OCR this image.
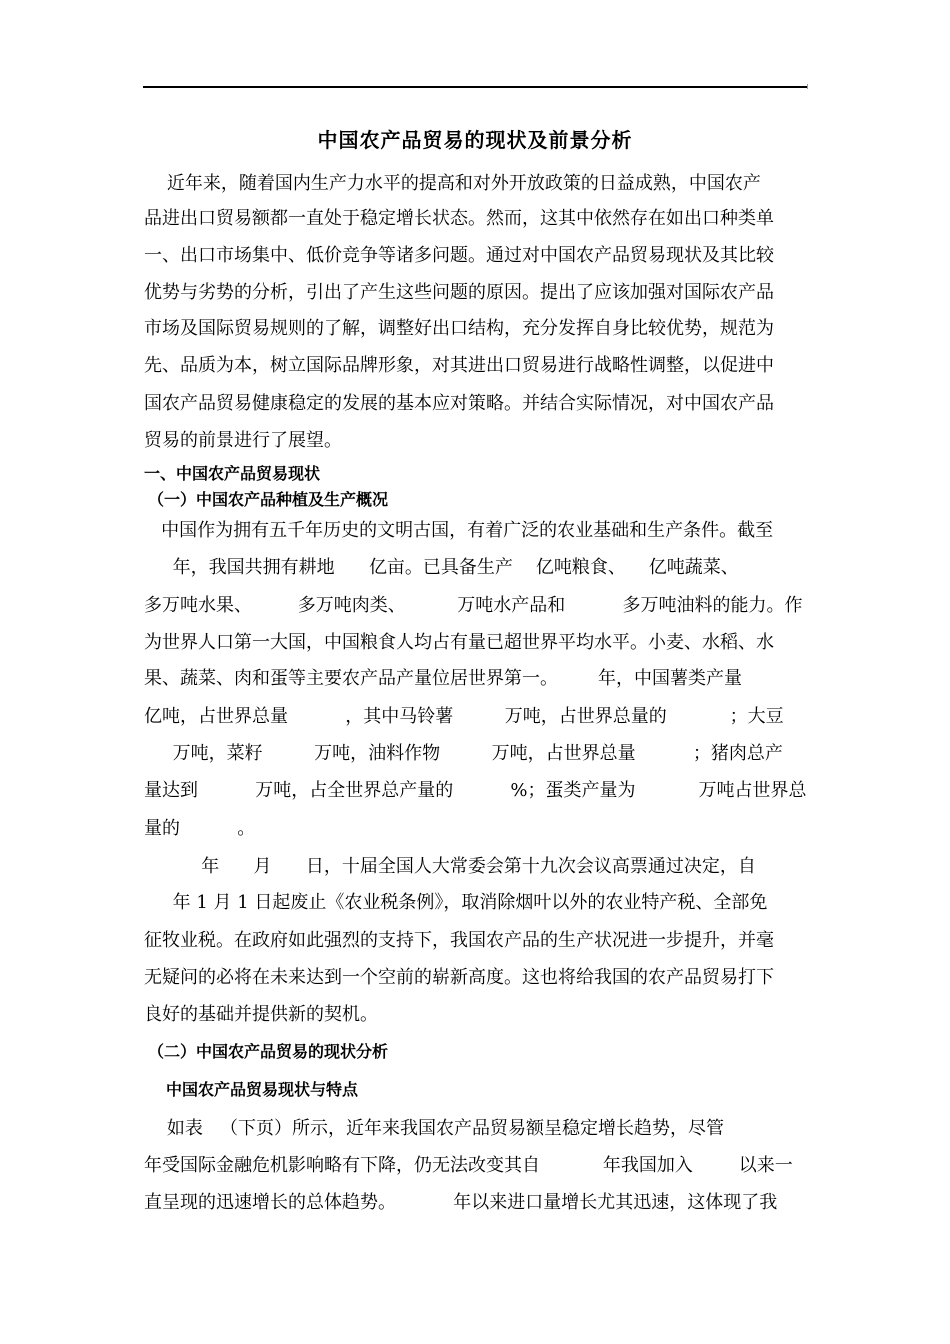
中国农产品贸易的现状及前景分析
近年来，随着国内生产力水平的提高和对外开放政策的日益成熟，中国农产
品进出口贸易额都一直处于稳定增长状态。然而，这其中依然存在如出口种类单
一、出口市场集中、低价竞争等诸多问题。通过对中国农产品贸易现状及其比较
优势与劣势的分析，引出了产生这些问题的原因。提出了应该加强对国际农产品
市场及国际贸易规则的了解，调整好出口结构，充分发挥自身比较优势，规范为
先、品质为本，树立国际品牌形象，对其进出口贸易进行战略性调整，以促进中
国农产品贸易健康稳定的发展的基本应对策略。并结合实际情况，对中国农产品
贸易的前景进行了展望。
一、中国农产品贸易现状
（一）中国农产品种植及生产概况
中国作为拥有五千年历史的文明古国，有着广泛的农业基础和生产条件。截至
年，我国共拥有耕地      亿亩。已具备生产    亿吨粮食、    亿吨蔬菜、
多万吨水果、        多万吨肉类、         万吨水产品和          多万吨油料的能力。作
为世界人口第一大国，中国粮食人均占有量已超世界平均水平。小麦、水稻、水
果、蔬菜、肉和蛋等主要农产品产量位居世界第一。       年，中国薯类产量
亿吨，占世界总量          ，其中马铃薯         万吨，占世界总量的           ；大豆
万吨，菜籽         万吨，油料作物         万吨，占世界总量          ；猪肉总产
量达到          万吨，占全世界总产量的          %；蛋类产量为           万吨占世界总
量的          。
年      月      日，十届全国人大常委会第十九次会议高票通过决定，自
年 1 月 1 日起废止《农业税条例》，取消除烟叶以外的农业特产税、全部免
征牧业税。在政府如此强烈的支持下，我国农产品的生产状况进一步提升，并毫
无疑问的必将在未来达到一个空前的崭新高度。这也将给我国的农产品贸易打下
良好的基础并提供新的契机。
（二）中国农产品贸易的现状分析
中国农产品贸易现状与特点
如表   （下页）所示，近年来我国农产品贸易额呈稳定增长趋势，尽管
年受国际金融危机影响略有下降，仍无法改变其自           年我国加入        以来一
直呈现的迅速增长的总体趋势。          年以来进口量增长尤其迅速，这体现了我
